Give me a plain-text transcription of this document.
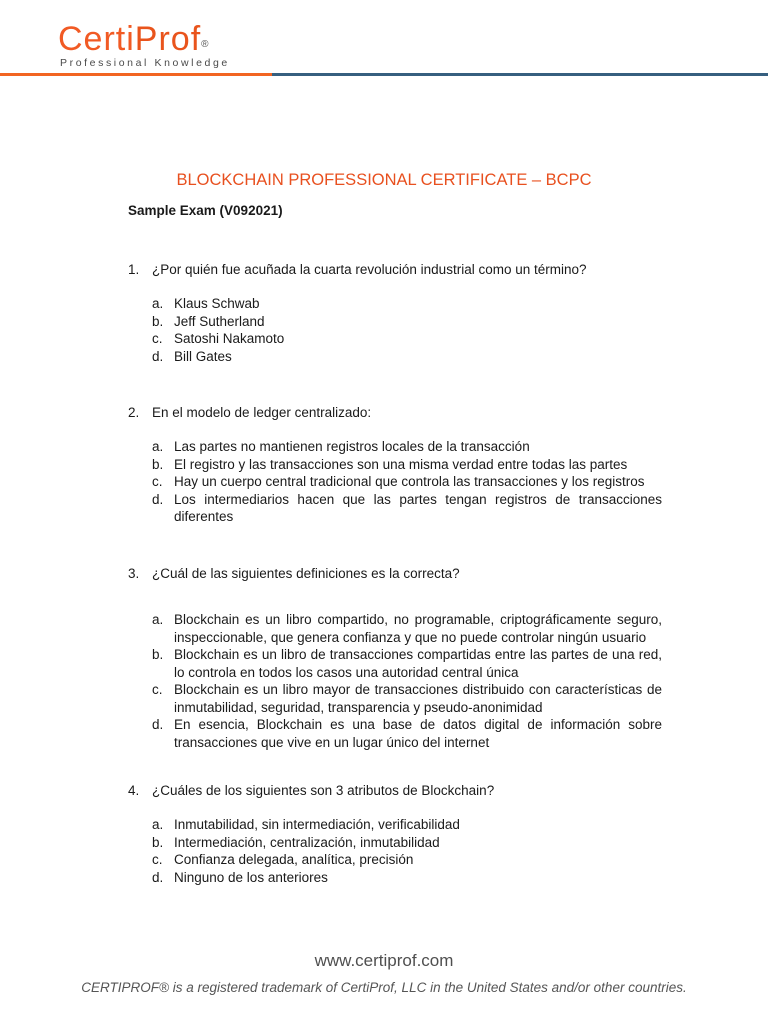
CertiProf®
Professional Knowledge
BLOCKCHAIN PROFESSIONAL CERTIFICATE – BCPC
Sample Exam (V092021)
1. ¿Por quién fue acuñada la cuarta revolución industrial como un término?
a. Klaus Schwab
b. Jeff Sutherland
c. Satoshi Nakamoto
d. Bill Gates
2. En el modelo de ledger centralizado:
a. Las partes no mantienen registros locales de la transacción
b. El registro y las transacciones son una misma verdad entre todas las partes
c. Hay un cuerpo central tradicional que controla las transacciones y los registros
d. Los intermediarios hacen que las partes tengan registros de transacciones diferentes
3. ¿Cuál de las siguientes definiciones es la correcta?
a. Blockchain es un libro compartido, no programable, criptográficamente seguro, inspeccionable, que genera confianza y que no puede controlar ningún usuario
b. Blockchain es un libro de transacciones compartidas entre las partes de una red, lo controla en todos los casos una autoridad central única
c. Blockchain es un libro mayor de transacciones distribuido con características de inmutabilidad, seguridad, transparencia y pseudo-anonimidad
d. En esencia, Blockchain es una base de datos digital de información sobre transacciones que vive en un lugar único del internet
4. ¿Cuáles de los siguientes son 3 atributos de Blockchain?
a. Inmutabilidad, sin intermediación, verificabilidad
b. Intermediación, centralización, inmutabilidad
c. Confianza delegada, analítica, precisión
d. Ninguno de los anteriores
www.certiprof.com
CERTIPROF® is a registered trademark of CertiProf, LLC in the United States and/or other countries.
